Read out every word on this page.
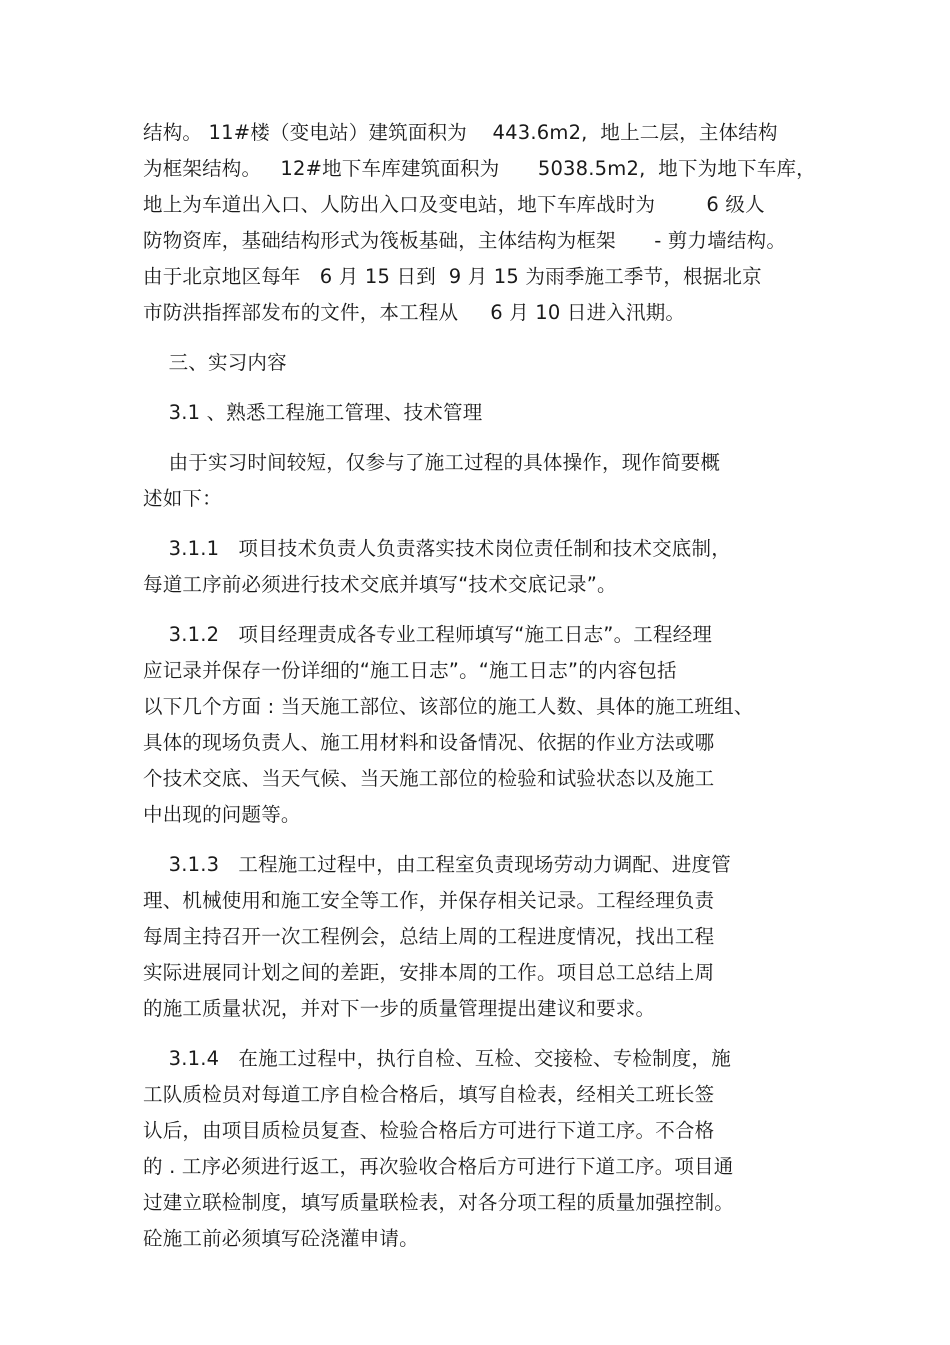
结构。 11#楼（变电站）建筑面积为    443.6m2,  地上二层，主体结构
为框架结构。   12#地下车库建筑面积为      5038.5m2,  地下为地下车库，
地上为车道出入口、人防出入口及变电站，地下车库战时为        6 级人
防物资库，基础结构形式为筏板基础，主体结构为框架      - 剪力墙结构。
由于北京地区每年   6 月 15 日到  9 月 15 为雨季施工季节，根据北京
市防洪指挥部发布的文件，本工程从     6 月 10 日进入汛期。
三、实习内容
3.1 、熟悉工程施工管理、技术管理
由于实习时间较短，仅参与了施工过程的具体操作，现作简要概
述如下：
3.1.1   项目技术负责人负责落实技术岗位责任制和技术交底制，
每道工序前必须进行技术交底并填写“技术交底记录”。
3.1.2   项目经理责成各专业工程师填写“施工日志”。工程经理
应记录并保存一份详细的“施工日志”。“施工日志”的内容包括
以下几个方面 : 当天施工部位、该部位的施工人数、具体的施工班组、
具体的现场负责人、施工用材料和设备情况、依据的作业方法或哪
个技术交底、当天气候、当天施工部位的检验和试验状态以及施工
中出现的问题等。
3.1.3   工程施工过程中，由工程室负责现场劳动力调配、进度管
理、机械使用和施工安全等工作，并保存相关记录。工程经理负责
每周主持召开一次工程例会，总结上周的工程进度情况，找出工程
实际进展同计划之间的差距，安排本周的工作。项目总工总结上周
的施工质量状况，并对下一步的质量管理提出建议和要求。
3.1.4   在施工过程中，执行自检、互检、交接检、专检制度，施
工队质检员对每道工序自检合格后，填写自检表，经相关工班长签
认后，由项目质检员复查、检验合格后方可进行下道工序。不合格
的 . 工序必须进行返工，再次验收合格后方可进行下道工序。项目通
过建立联检制度，填写质量联检表，对各分项工程的质量加强控制。
砼施工前必须填写砼浇灌申请。
